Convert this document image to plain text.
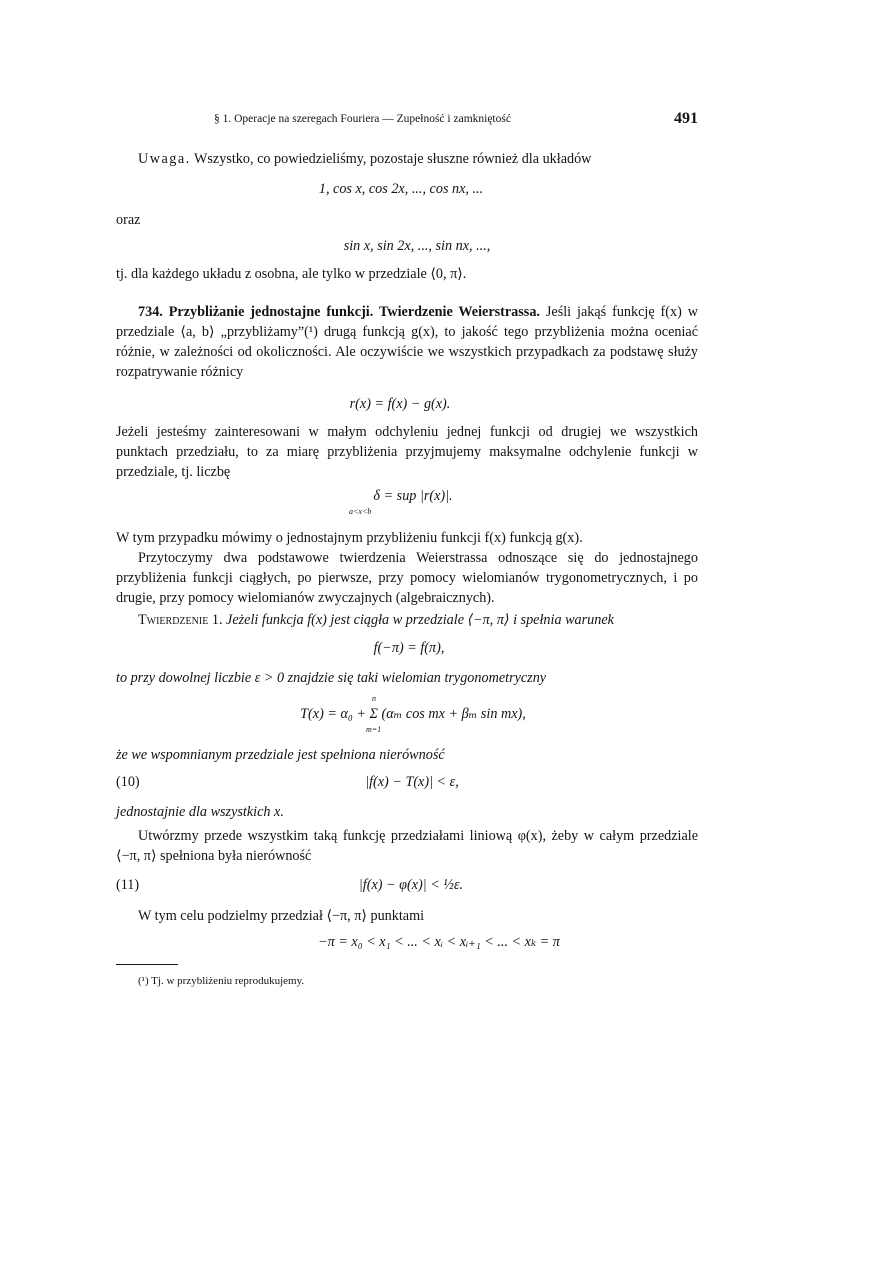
§ 1. Operacje na szeregach Fouriera — Zupełność i zamkniętość	491
Uwaga. Wszystko, co powiedzieliśmy, pozostaje słuszne również dla układów
1, cos x, cos 2x, ..., cos nx, ...
oraz
sin x, sin 2x, ..., sin nx, ...,
tj. dla każdego układu z osobna, ale tylko w przedziale ⟨0, π⟩.
734. Przybliżanie jednostajne funkcji. Twierdzenie Weierstrassa. Jeśli jakąś funkcję f(x) w przedziale ⟨a, b⟩ „przybliżamy”(¹) drugą funkcją g(x), to jakość tego przybliżenia można oceniać różnie, w zależności od okoliczności. Ale oczywiście we wszystkich przypadkach za podstawę służy rozpatrywanie różnicy
r(x) = f(x) − g(x).
Jeżeli jesteśmy zainteresowani w małym odchyleniu jednej funkcji od drugiej we wszystkich punktach przedziału, to za miarę przybliżenia przyjmujemy maksymalne odchylenie funkcji w przedziale, tj. liczbę
δ = sup |r(x)|.
a<x<b
W tym przypadku mówimy o jednostajnym przybliżeniu funkcji f(x) funkcją g(x).
Przytoczymy dwa podstawowe twierdzenia Weierstrassa odnoszące się do jednostajnego przybliżenia funkcji ciągłych, po pierwsze, przy pomocy wielomianów trygonometrycznych, i po drugie, przy pomocy wielomianów zwyczajnych (algebraicznych).
Twierdzenie 1. Jeżeli funkcja f(x) jest ciągła w przedziale ⟨−π, π⟩ i spełnia warunek
f(−π) = f(π),
to przy dowolnej liczbie ε > 0 znajdzie się taki wielomian trygonometryczny
n
T(x) = α₀ + Σ (αₘ cos mx + βₘ sin mx),
m=1
że we wspomnianym przedziale jest spełniona nierówność
(10)	|f(x) − T(x)| < ε,
jednostajnie dla wszystkich x.
Utwórzmy przede wszystkim taką funkcję przedziałami liniową φ(x), żeby w całym przedziale ⟨−π, π⟩ spełniona była nierówność
(11)	|f(x) − φ(x)| < ½ε.
W tym celu podzielmy przedział ⟨−π, π⟩ punktami
−π = x₀ < x₁ < ... < xᵢ < xᵢ₊₁ < ... < xₖ = π
(¹) Tj. w przybliżeniu reprodukujemy.
